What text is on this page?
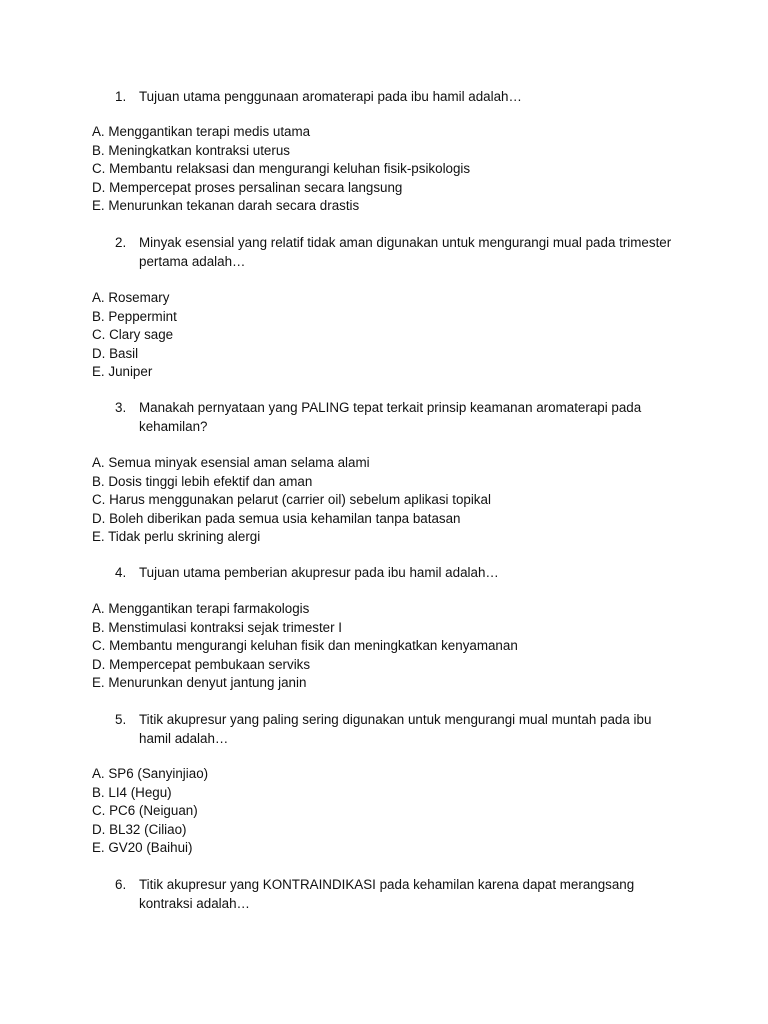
1. Tujuan utama penggunaan aromaterapi pada ibu hamil adalah…
A. Menggantikan terapi medis utama
B. Meningkatkan kontraksi uterus
C. Membantu relaksasi dan mengurangi keluhan fisik-psikologis
D. Mempercepat proses persalinan secara langsung
E. Menurunkan tekanan darah secara drastis
2. Minyak esensial yang relatif tidak aman digunakan untuk mengurangi mual pada trimester pertama adalah…
A. Rosemary
B. Peppermint
C. Clary sage
D. Basil
E. Juniper
3. Manakah pernyataan yang PALING tepat terkait prinsip keamanan aromaterapi pada kehamilan?
A. Semua minyak esensial aman selama alami
B. Dosis tinggi lebih efektif dan aman
C. Harus menggunakan pelarut (carrier oil) sebelum aplikasi topikal
D. Boleh diberikan pada semua usia kehamilan tanpa batasan
E. Tidak perlu skrining alergi
4. Tujuan utama pemberian akupresur pada ibu hamil adalah…
A. Menggantikan terapi farmakologis
B. Menstimulasi kontraksi sejak trimester I
C. Membantu mengurangi keluhan fisik dan meningkatkan kenyamanan
D. Mempercepat pembukaan serviks
E. Menurunkan denyut jantung janin
5. Titik akupresur yang paling sering digunakan untuk mengurangi mual muntah pada ibu hamil adalah…
A. SP6 (Sanyinjiao)
B. LI4 (Hegu)
C. PC6 (Neiguan)
D. BL32 (Ciliao)
E. GV20 (Baihui)
6. Titik akupresur yang KONTRAINDIKASI pada kehamilan karena dapat merangsang kontraksi adalah…
